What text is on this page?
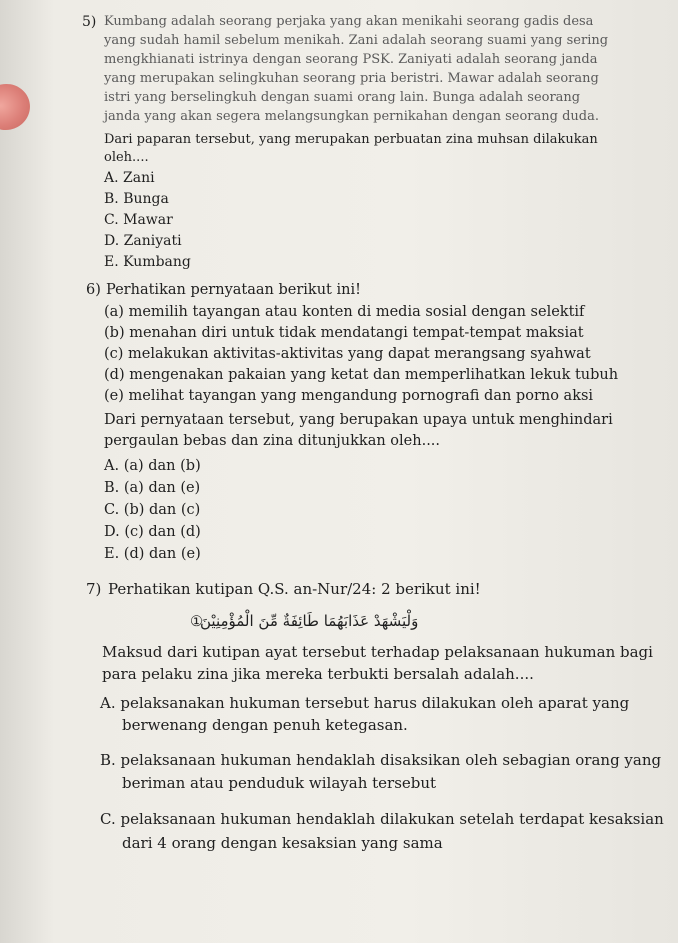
5) Kumbang adalah seorang perjaka yang akan menikahi seorang gadis desa
yang sudah hamil sebelum menikah. Zani adalah seorang suami yang sering
mengkhianati istrinya dengan seorang PSK. Zaniyati adalah seorang janda
yang merupakan selingkuhan seorang pria beristri. Mawar adalah seorang
istri yang berselingkuh dengan suami orang lain. Bunga adalah seorang
janda yang akan segera melangsungkan pernikahan dengan seorang duda.
Dari paparan tersebut, yang merupakan perbuatan zina muhsan dilakukan
oleh....
A. Zani
B. Bunga
C. Mawar
D. Zaniyati
E. Kumbang
6) Perhatikan pernyataan berikut ini!
(a) memilih tayangan atau konten di media sosial dengan selektif
(b) menahan diri untuk tidak mendatangi tempat-tempat maksiat
(c) melakukan aktivitas-aktivitas yang dapat merangsang syahwat
(d) mengenakan pakaian yang ketat dan memperlihatkan lekuk tubuh
(e) melihat tayangan yang mengandung pornografi dan porno aksi
Dari pernyataan tersebut, yang berupakan upaya untuk menghindari
pergaulan bebas dan zina ditunjukkan oleh....
A. (a) dan (b)
B. (a) dan (e)
C. (b) dan (c)
D. (c) dan (d)
E. (d) dan (e)
7) Perhatikan kutipan Q.S. an-Nur/24: 2 berikut ini!
①
وَلْيَشْهَدْ عَذَابَهُمَا طَائِفَةٌ مِّنَ الْمُؤْمِنِيْنَ
Maksud dari kutipan ayat tersebut terhadap pelaksanaan hukuman bagi
para pelaku zina jika mereka terbukti bersalah adalah....
A. pelaksanakan hukuman tersebut harus dilakukan oleh aparat yang
berwenang dengan penuh ketegasan.
B. pelaksanaan hukuman hendaklah disaksikan oleh sebagian orang yang
beriman atau penduduk wilayah tersebut
C. pelaksanaan hukuman hendaklah dilakukan setelah terdapat kesaksian
dari 4 orang dengan kesaksian yang sama
